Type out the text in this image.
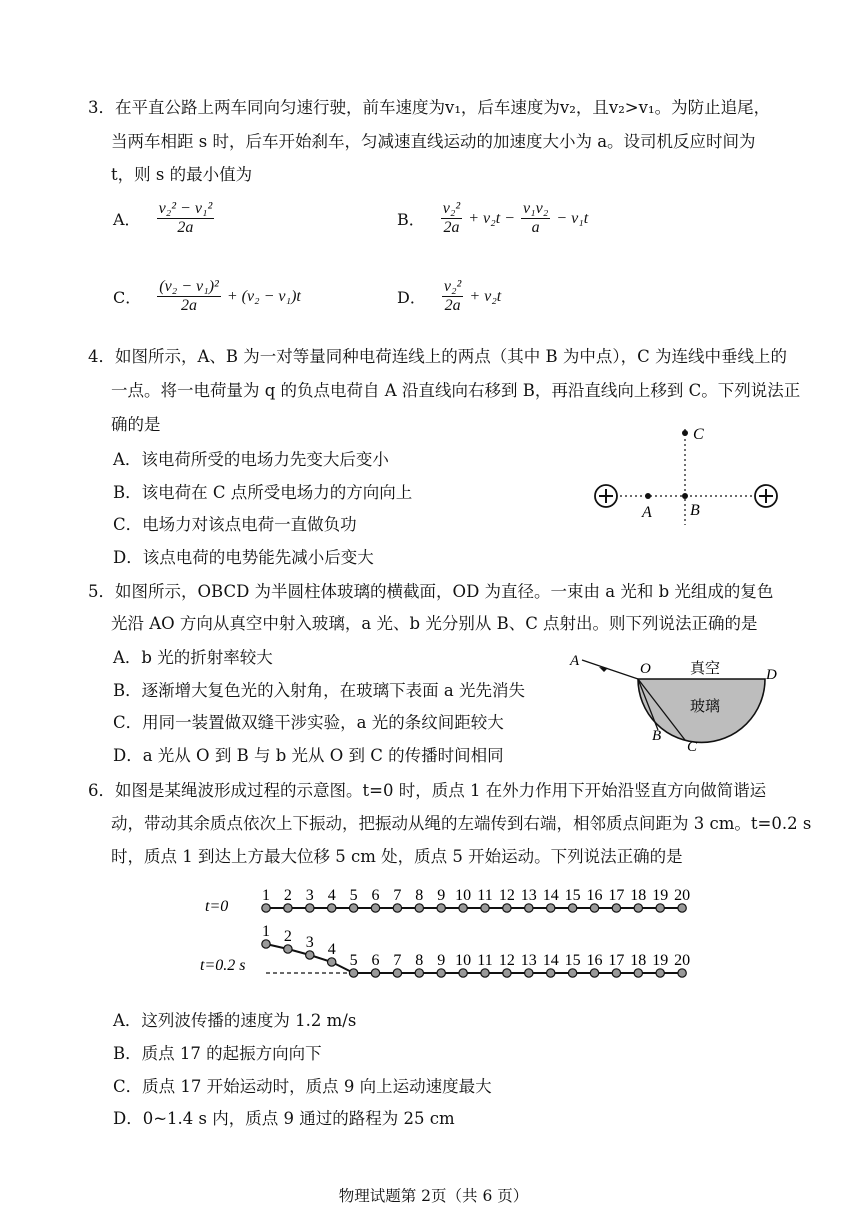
3．在平直公路上两车同向匀速行驶，前车速度为v₁，后车速度为v₂，且v₂>v₁。为防止追尾，
当两车相距 s 时，后车开始刹车，匀减速直线运动的加速度大小为 a。设司机反应时间为
t，则 s 的最小值为
A． $\frac{\text{v₂² − v₁²}}{2a}$	B． $\frac{\text{v₂²}}{2a} + v_2t - \frac{\text{v₁v₂}}{a} - v_1t$
C． $\frac{\text{(v₂ − v₁)²}}{2a} + (v_2 - v_1)t$	D． $\frac{\text{v₂²}}{2a} + v_2t$
4．如图所示，A、B 为一对等量同种电荷连线上的两点（其中 B 为中点），C 为连线中垂线上的
一点。将一电荷量为 q 的负点电荷自 A 沿直线向右移到 B，再沿直线向上移到 C。下列说法正
确的是
A．该电荷所受的电场力先变大后变小
B．该电荷在 C 点所受电场力的方向向上
C．电场力对该点电荷一直做负功
D．该点电荷的电势能先减小后变大
C
A B
5．如图所示，OBCD 为半圆柱体玻璃的横截面，OD 为直径。一束由 a 光和 b 光组成的复色
光沿 AO 方向从真空中射入玻璃，a 光、b 光分别从 B、C 点射出。则下列说法正确的是
A．b 光的折射率较大
B．逐渐增大复色光的入射角，在玻璃下表面 a 光先消失
C．用同一装置做双缝干涉实验，a 光的条纹间距较大
D．a 光从 O 到 B 与 b 光从 O 到 C 的传播时间相同
A	O	D
B
C
真空
玻璃
6．如图是某绳波形成过程的示意图。t=0 时，质点 1 在外力作用下开始沿竖直方向做简谐运
动，带动其余质点依次上下振动，把振动从绳的左端传到右端，相邻质点间距为 3 cm。t=0.2 s
时，质点 1 到达上方最大位移 5 cm 处，质点 5 开始运动。下列说法正确的是
t=0
t=0.2 s
1 2 3 4 5 6 7 8 9 10 11 12 13 14 15 16 17 18 19 20
1 2 3 4
5 6 7 8 9 10 11 12 13 14 15 16 17 18 19 20
A．这列波传播的速度为 1.2 m/s
B．质点 17 的起振方向向下
C．质点 17 开始运动时，质点 9 向上运动速度最大
D．0~1.4 s 内，质点 9 通过的路程为 25 cm
物理试题第 2页（共 6 页）
